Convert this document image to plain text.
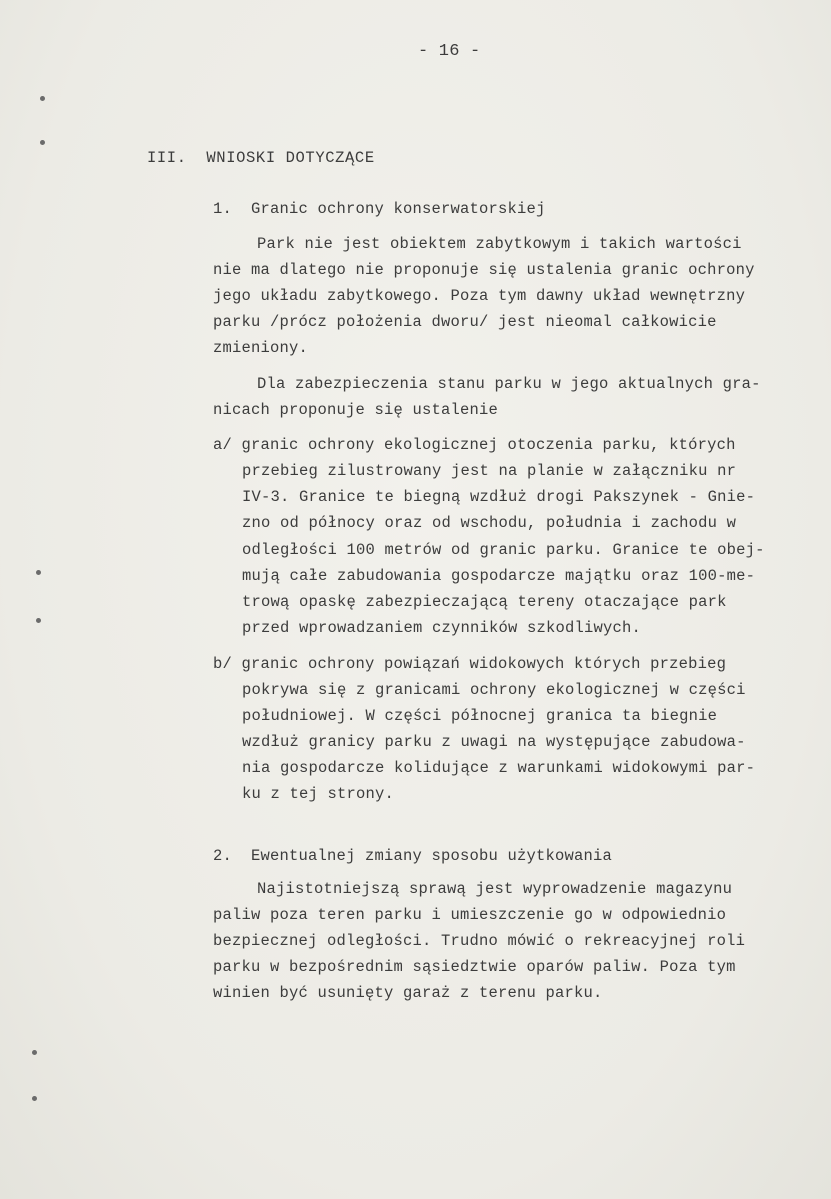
- 16 -
III.  WNIOSKI DOTYCZĄCE
1.  Granic ochrony konserwatorskiej
Park nie jest obiektem zabytkowym i takich wartości
nie ma dlatego nie proponuje się ustalenia granic ochrony
jego układu zabytkowego. Poza tym dawny układ wewnętrzny
parku /prócz położenia dworu/ jest nieomal całkowicie
zmieniony.
Dla zabezpieczenia stanu parku w jego aktualnych gra-
nicach proponuje się ustalenie
a/ granic ochrony ekologicznej otoczenia parku, których
przebieg zilustrowany jest na planie w załączniku nr
IV-3. Granice te biegną wzdłuż drogi Pakszynek - Gnie-
zno od północy oraz od wschodu, południa i zachodu w
odległości 100 metrów od granic parku. Granice te obej-
mują całe zabudowania gospodarcze majątku oraz 100-me-
trową opaskę zabezpieczającą tereny otaczające park
przed wprowadzaniem czynników szkodliwych.
b/ granic ochrony powiązań widokowych których przebieg
pokrywa się z granicami ochrony ekologicznej w części
południowej. W części północnej granica ta biegnie
wzdłuż granicy parku z uwagi na występujące zabudowa-
nia gospodarcze kolidujące z warunkami widokowymi par-
ku z tej strony.
2.  Ewentualnej zmiany sposobu użytkowania
Najistotniejszą sprawą jest wyprowadzenie magazynu
paliw poza teren parku i umieszczenie go w odpowiednio
bezpiecznej odległości. Trudno mówić o rekreacyjnej roli
parku w bezpośrednim sąsiedztwie oparów paliw. Poza tym
winien być usunięty garaż z terenu parku.
